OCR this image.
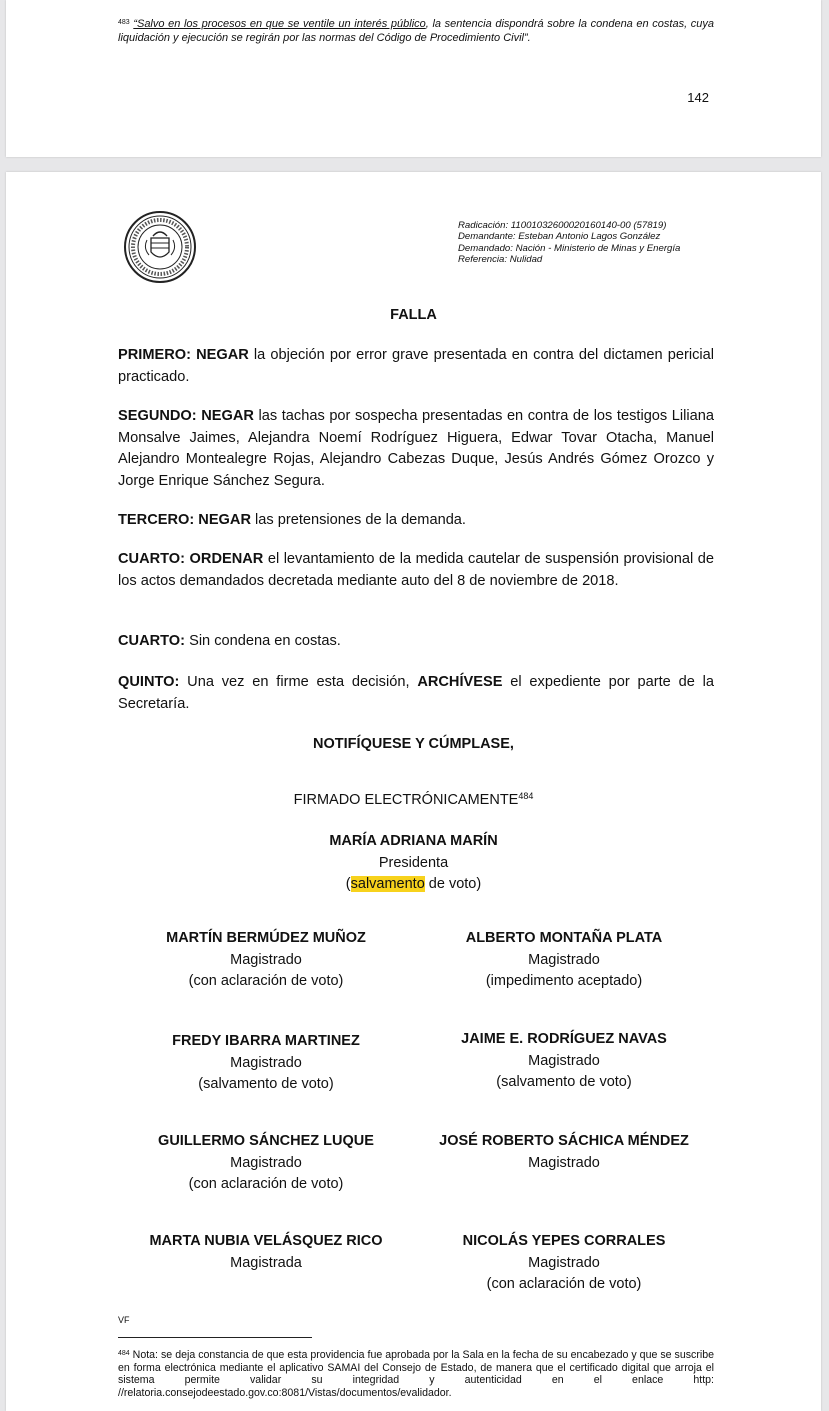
$^{483}$ “Salvo en los procesos en que se ventile un interés público, la sentencia dispondrá sobre la condena en costas, cuya liquidación y ejecución se regirán por las normas del Código de Procedimiento Civil”.
142
Radicación: 11001032600020160140-00 (57819)
Demandante: Esteban Antonio Lagos González
Demandado: Nación - Ministerio de Minas y Energía
Referencia: Nulidad
FALLA
PRIMERO: NEGAR la objeción por error grave presentada en contra del dictamen pericial practicado.
SEGUNDO: NEGAR las tachas por sospecha presentadas en contra de los testigos Liliana Monsalve Jaimes, Alejandra Noemí Rodríguez Higuera, Edwar Tovar Otacha, Manuel Alejandro Montealegre Rojas, Alejandro Cabezas Duque, Jesús Andrés Gómez Orozco y Jorge Enrique Sánchez Segura.
TERCERO: NEGAR las pretensiones de la demanda.
CUARTO: ORDENAR el levantamiento de la medida cautelar de suspensión provisional de los actos demandados decretada mediante auto del 8 de noviembre de 2018.
CUARTO: Sin condena en costas.
QUINTO: Una vez en firme esta decisión, ARCHÍVESE el expediente por parte de la Secretaría.
NOTIFÍQUESE Y CÚMPLASE,
FIRMADO ELECTRÓNICAMENTE$^{484}$
MARÍA ADRIANA MARÍN
Presidenta
(salvamento de voto)
MARTÍN BERMÚDEZ MUÑOZ
Magistrado
(con aclaración de voto)
ALBERTO MONTAÑA PLATA
Magistrado
(impedimento aceptado)
FREDY IBARRA MARTINEZ
Magistrado
(salvamento de voto)
JAIME E. RODRÍGUEZ NAVAS
Magistrado
(salvamento de voto)
GUILLERMO SÁNCHEZ LUQUE
Magistrado
(con aclaración de voto)
JOSÉ ROBERTO SÁCHICA MÉNDEZ
Magistrado
MARTA NUBIA VELÁSQUEZ RICO
Magistrada
NICOLÁS YEPES CORRALES
Magistrado
(con aclaración de voto)
VF
$^{484}$ Nota: se deja constancia de que esta providencia fue aprobada por la Sala en la fecha de su encabezado y que se suscribe en forma electrónica mediante el aplicativo SAMAI del Consejo de Estado, de manera que el certificado digital que arroja el sistema permite validar su integridad y autenticidad en el enlace http: //relatoria.consejodeestado.gov.co:8081/Vistas/documentos/evalidador.
